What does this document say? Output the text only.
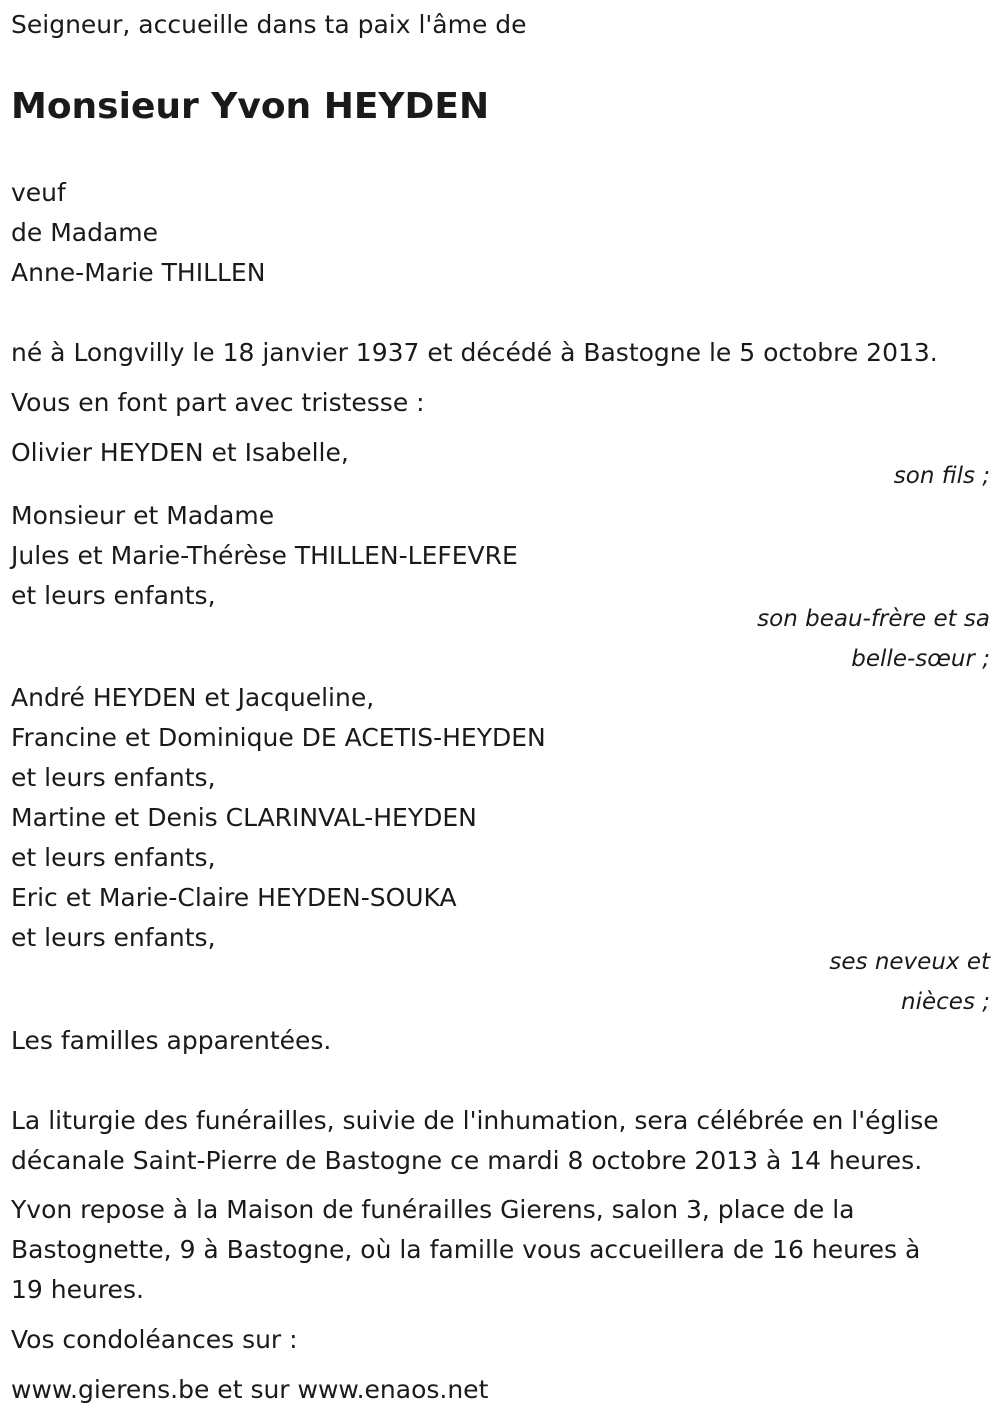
Seigneur, accueille dans ta paix l'âme de
Monsieur Yvon HEYDEN
veuf
de Madame
Anne-Marie THILLEN
né à Longvilly le 18 janvier 1937 et décédé à Bastogne le 5 octobre 2013.
Vous en font part avec tristesse :
Olivier HEYDEN et Isabelle,
son fils ;
Monsieur et Madame
Jules et Marie-Thérèse THILLEN-LEFEVRE
et leurs enfants,
son beau-frère et sa
belle-sœur ;
André HEYDEN et Jacqueline,
Francine et Dominique DE ACETIS-HEYDEN
et leurs enfants,
Martine et Denis CLARINVAL-HEYDEN
et leurs enfants,
Eric et Marie-Claire HEYDEN-SOUKA
et leurs enfants,
ses neveux et
nièces ;
Les familles apparentées.
La liturgie des funérailles, suivie de l'inhumation, sera célébrée en l'église
décanale Saint-Pierre de Bastogne ce mardi 8 octobre 2013 à 14 heures.
Yvon repose à la Maison de funérailles Gierens, salon 3, place de la
Bastognette, 9 à Bastogne, où la famille vous accueillera de 16 heures à
19 heures.
Vos condoléances sur :
www.gierens.be et sur www.enaos.net
